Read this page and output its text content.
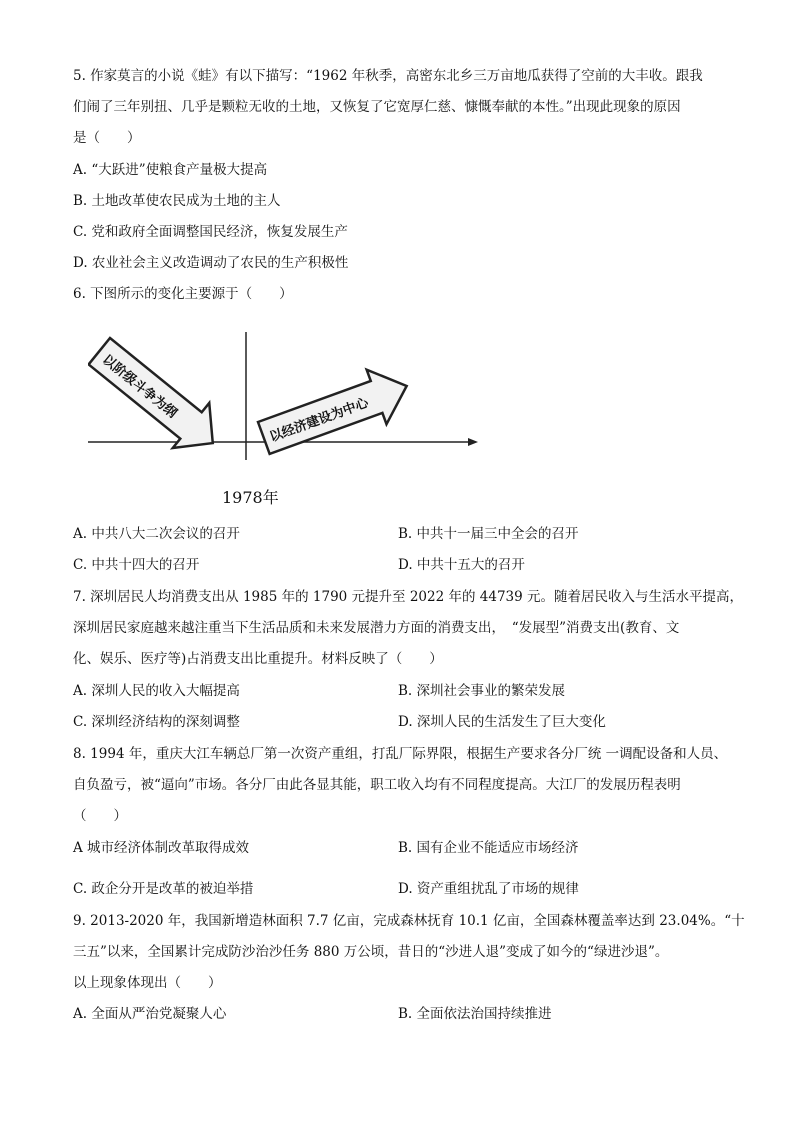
5. 作家莫言的小说《蛙》有以下描写：“1962 年秋季，高密东北乡三万亩地瓜获得了空前的大丰收。跟我
们闹了三年别扭、几乎是颗粒无收的土地，又恢复了它宽厚仁慈、慷慨奉献的本性。”出现此现象的原因
是（　　）
A. “大跃进”使粮食产量极大提高
B. 土地改革使农民成为土地的主人
C. 党和政府全面调整国民经济，恢复发展生产
D. 农业社会主义改造调动了农民的生产积极性
6. 下图所示的变化主要源于（　　）
以阶级斗争为纲	以经济建设为中心
1978年
A. 中共八大二次会议的召开	B. 中共十一届三中全会的召开
C. 中共十四大的召开	D. 中共十五大的召开
7. 深圳居民人均消费支出从 1985 年的 1790 元提升至 2022 年的 44739 元。随着居民收入与生活水平提高，
深圳居民家庭越来越注重当下生活品质和未来发展潜力方面的消费支出，　“发展型”消费支出(教育、文
化、娱乐、医疗等)占消费支出比重提升。材料反映了（　　）
A. 深圳人民的收入大幅提高	B. 深圳社会事业的繁荣发展
C. 深圳经济结构的深刻调整	D. 深圳人民的生活发生了巨大变化
8. 1994 年，重庆大江车辆总厂第一次资产重组，打乱厂际界限，根据生产要求各分厂统 一调配设备和人员、
自负盈亏，被“逼向”市场。各分厂由此各显其能，职工收入均有不同程度提高。大江厂的发展历程表明
（　　）
A 城市经济体制改革取得成效	B. 国有企业不能适应市场经济
C. 政企分开是改革的被迫举措	D. 资产重组扰乱了市场的规律
9. 2013-2020 年，我国新增造林面积 7.7 亿亩，完成森林抚育 10.1 亿亩，全国森林覆盖率达到 23.04%。“十
三五”以来，全国累计完成防沙治沙任务 880 万公顷，昔日的“沙进人退”变成了如今的“绿进沙退”。
以上现象体现出（　　）
A. 全面从严治党凝聚人心	B. 全面依法治国持续推进
